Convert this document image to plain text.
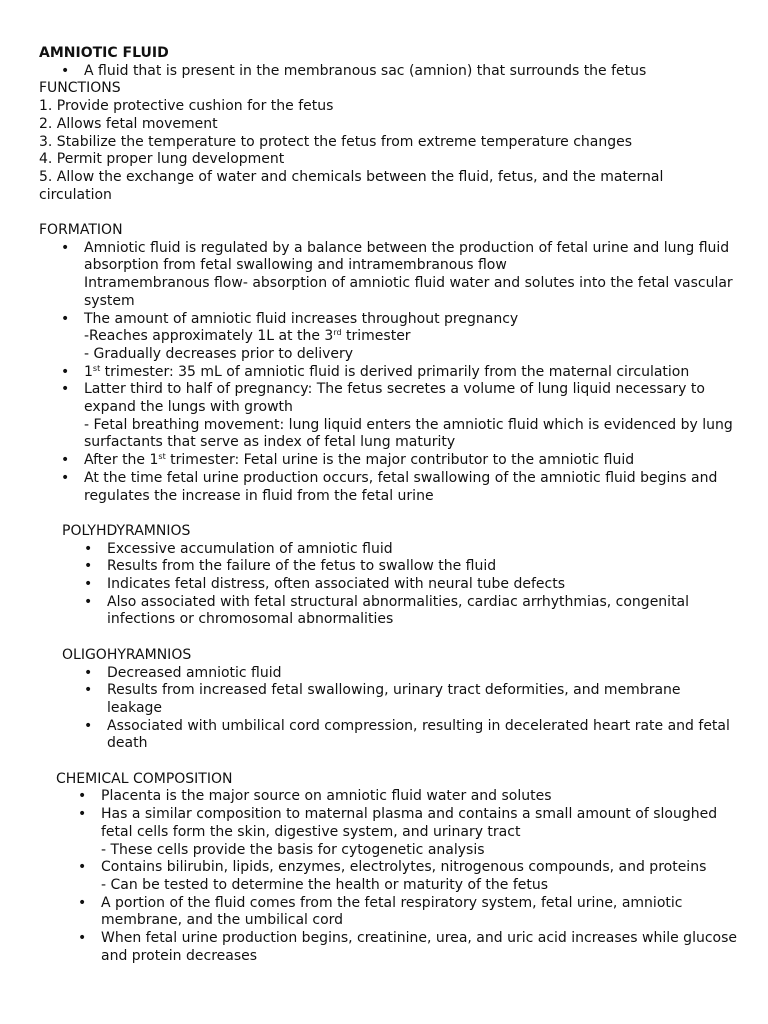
AMNIOTIC FLUID
• A fluid that is present in the membranous sac (amnion) that surrounds the fetus
FUNCTIONS
1. Provide protective cushion for the fetus
2. Allows fetal movement
3. Stabilize the temperature to protect the fetus from extreme temperature changes
4. Permit proper lung development
5. Allow the exchange of water and chemicals between the fluid, fetus, and the maternal circulation
FORMATION
• Amniotic fluid is regulated by a balance between the production of fetal urine and lung fluid absorption from fetal swallowing and intramembranous flow
Intramembranous flow- absorption of amniotic fluid water and solutes into the fetal vascular system
• The amount of amniotic fluid increases throughout pregnancy
-Reaches approximately 1L at the 3rd trimester
- Gradually decreases prior to delivery
• 1st trimester: 35 mL of amniotic fluid is derived primarily from the maternal circulation
• Latter third to half of pregnancy: The fetus secretes a volume of lung liquid necessary to expand the lungs with growth
- Fetal breathing movement: lung liquid enters the amniotic fluid which is evidenced by lung surfactants that serve as index of fetal lung maturity
• After the 1st trimester: Fetal urine is the major contributor to the amniotic fluid
• At the time fetal urine production occurs, fetal swallowing of the amniotic fluid begins and regulates the increase in fluid from the fetal urine
POLYHDYRAMNIOS
• Excessive accumulation of amniotic fluid
• Results from the failure of the fetus to swallow the fluid
• Indicates fetal distress, often associated with neural tube defects
• Also associated with fetal structural abnormalities, cardiac arrhythmias, congenital infections or chromosomal abnormalities
OLIGOHYRAMNIOS
• Decreased amniotic fluid
• Results from increased fetal swallowing, urinary tract deformities, and membrane leakage
• Associated with umbilical cord compression, resulting in decelerated heart rate and fetal death
CHEMICAL COMPOSITION
• Placenta is the major source on amniotic fluid water and solutes
• Has a similar composition to maternal plasma and contains a small amount of sloughed fetal cells form the skin, digestive system, and urinary tract
- These cells provide the basis for cytogenetic analysis
• Contains bilirubin, lipids, enzymes, electrolytes, nitrogenous compounds, and proteins
- Can be tested to determine the health or maturity of the fetus
• A portion of the fluid comes from the fetal respiratory system, fetal urine, amniotic membrane, and the umbilical cord
• When fetal urine production begins, creatinine, urea, and uric acid increases while glucose and protein decreases
